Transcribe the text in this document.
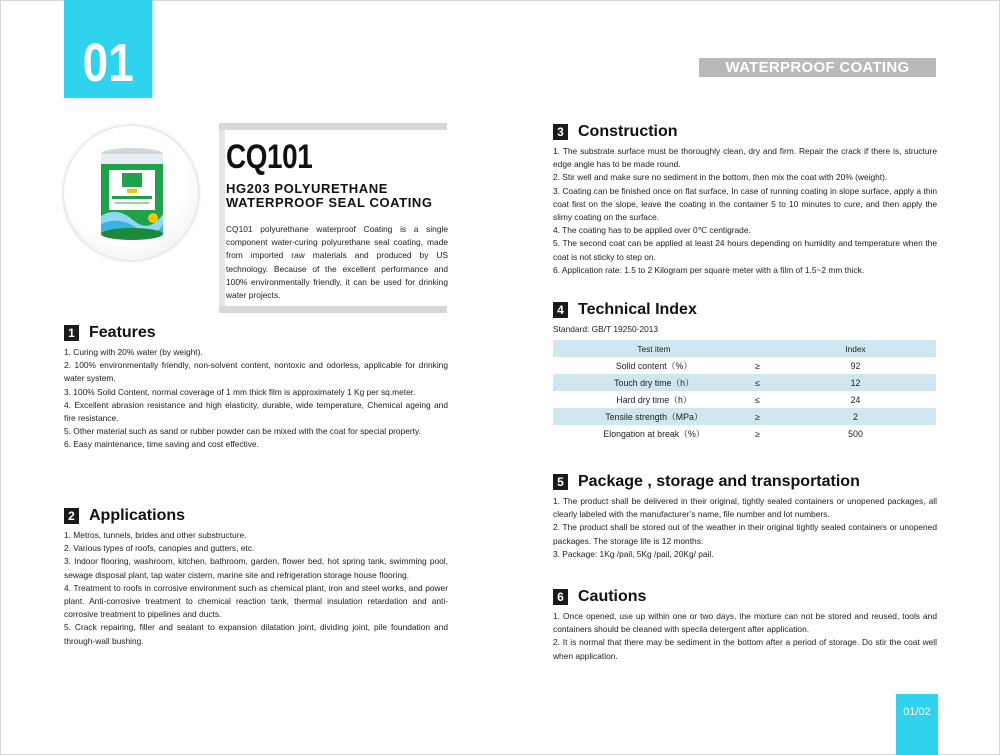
01	WATERPROOF COATING
CQ101
HG203 POLYURETHANE
WATERPROOF SEAL COATING
CQ101 polyurethane waterproof Coating is a single component water-curing polyurethane seal coating, made from imported raw materials and produced by US technology. Because of the excellent performance and 100% environmentally friendly, it can be used for drinking water projects.
1 Features

1. Curing with 20% water (by weight).

2. 100% environmentally friendly, non-solvent content, nontoxic and odorless, applicable for drinking water system.

3. 100% Solid Content, normal coverage of 1 mm thick film is approximately 1 Kg per sq.meter.

4. Excellent abrasion resistance and high elasticity, durable, wide temperature, Chemical ageing and fire resistance.

5. Other material such as sand or rubber powder can be mixed with the coat for special property.

6. Easy maintenance, time saving and cost effective.

2 Applications

1. Metros, tunnels, brides and other substructure.

2. Various types of roofs, canopies and gutters, etc.

3. Indoor flooring, washroom, kitchen, bathroom, garden, flower bed, hot spring tank, swimming pool, sewage disposal plant, tap water cistern, marine site and refrigeration storage house flooring.

4. Treatment to roofs in corrosive environment such as chemical plant, iron and steel works, and power plant. Anti-corrosive treatment to chemical reaction tank, thermal insulation retardation and anti-corrosive treatment to pipelines and ducts.

5. Crack repairing, filler and sealant to expansion dilatation joint, dividing joint, pile foundation and through-wall bushing.

3 Construction

1. The substrate surface must be thoroughly clean, dry and firm. Repair the crack if there is, structure edge angle has to be made round.

2. Stir well and make sure no sediment in the bottom, then mix the coat with 20% (weight).

3. Coating can be finished once on flat surface, In case of running coating in slope surface, apply a thin coat first on the slope, leave the coating in the container 5 to 10 minutes to cure, and then apply the slimy coating on the surface.

4. The coating has to be applied over 0℃ centigrade.

5. The second coat can be applied at least 24 hours depending on humidity and temperature when the coat is not sticky to step on.

6. Application rate: 1.5 to 2 Kilogram per square meter with a film of 1.5~2 mm thick.

4 Technical Index
Standard: GB/T 19250-2013
Test item		Index
Solid content（%）	≥	92
Touch dry time（h）	≤	12
Hard dry time（h）	≤	24
Tensile strength（MPa）	≥	2
Elongation at break（%）	≥	500
5 Package , storage and transportation

1. The product shall be delivered in their original, tightly sealed containers or unopened packages, all clearly labeled with the manufacturer’s name, file number and lot numbers.

2. The product shall be stored out of the weather in their original tightly sealed containers or unopened packages. The storage life is 12 months.

3. Package: 1Kg /pail, 5Kg /pail, 20Kg/ pail.

6 Cautions

1. Once opened, use up within one or two days, the mixture can not be stored and reused, tools and containers should be cleaned with specila detergent after application.

2. It is normal that there may be sediment in the bottom after a period of storage. Do stir the coat well when application.

01/02
